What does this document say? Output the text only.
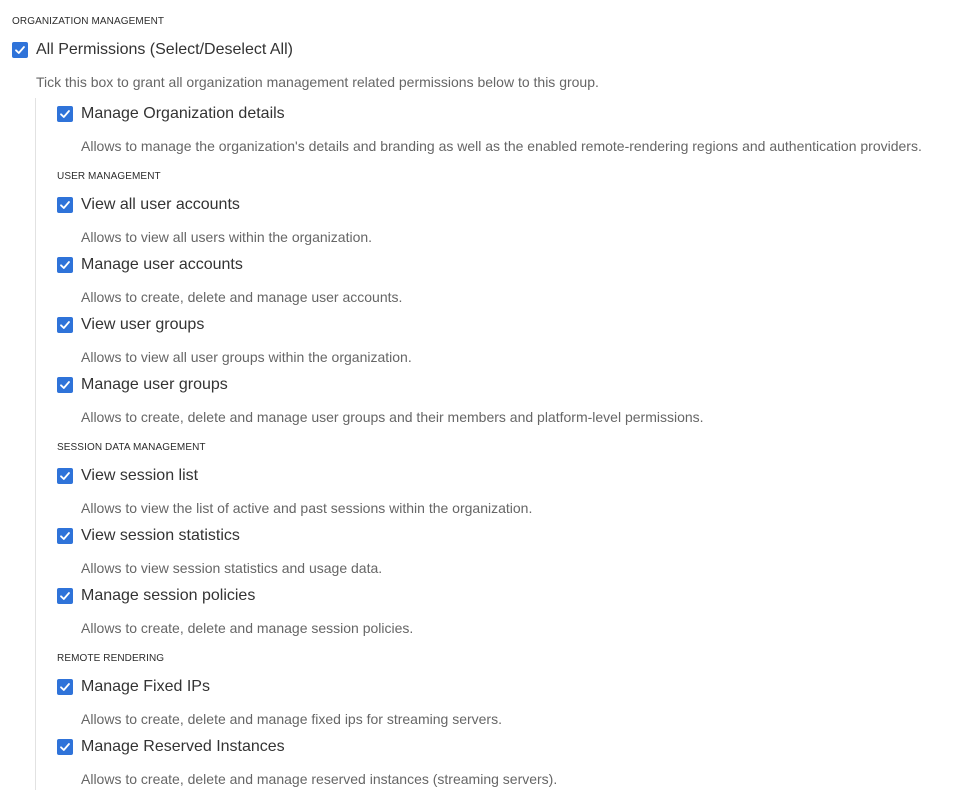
ORGANIZATION MANAGEMENT
All Permissions (Select/Deselect All)
Tick this box to grant all organization management related permissions below to this group.
Manage Organization details
Allows to manage the organization's details and branding as well as the enabled remote-rendering regions and authentication providers.
USER MANAGEMENT
View all user accounts
Allows to view all users within the organization.
Manage user accounts
Allows to create, delete and manage user accounts.
View user groups
Allows to view all user groups within the organization.
Manage user groups
Allows to create, delete and manage user groups and their members and platform-level permissions.
SESSION DATA MANAGEMENT
View session list
Allows to view the list of active and past sessions within the organization.
View session statistics
Allows to view session statistics and usage data.
Manage session policies
Allows to create, delete and manage session policies.
REMOTE RENDERING
Manage Fixed IPs
Allows to create, delete and manage fixed ips for streaming servers.
Manage Reserved Instances
Allows to create, delete and manage reserved instances (streaming servers).
